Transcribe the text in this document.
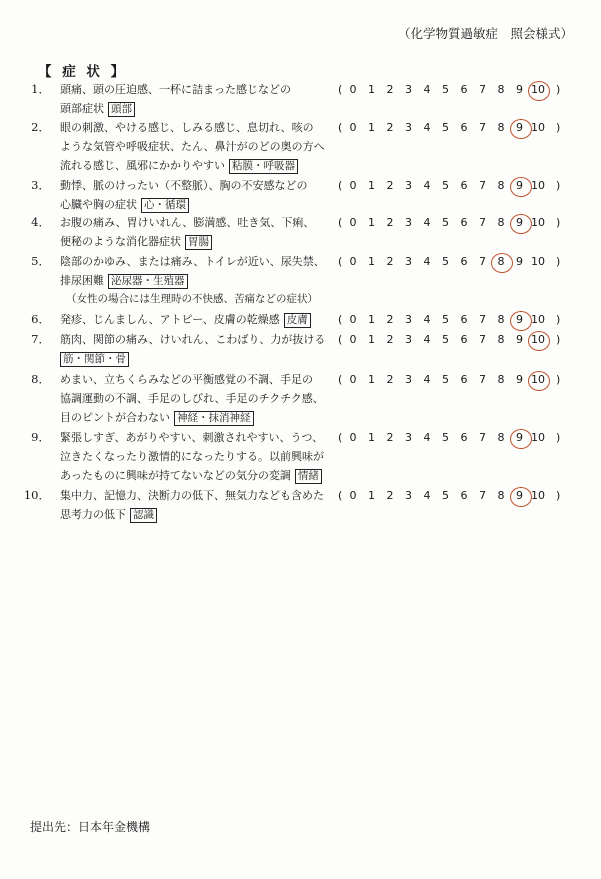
（化学物質過敏症　照会様式）
【 症 状 】
1． 頭痛、頭の圧迫感、一杯に詰まった感じなどの
頭部症状 頭部
( 0	1	2	3	4	5	6	7	8	9 10 )
2． 眼の刺激、やける感じ、しみる感じ、息切れ、咳の
ような気管や呼吸症状、たん、鼻汁がのどの奥の方へ
流れる感じ、風邪にかかりやすい 粘膜・呼吸器
( 0	1	2	3	4	5	6	7	8	9 10 )
3． 動悸、脈のけったい（不整脈）、胸の不安感などの
心臓や胸の症状 心・循環
( 0	1	2	3	4	5	6	7	8	9 10 )
4． お腹の痛み、胃けいれん、膨満感、吐き気、下痢、
便秘のような消化器症状 胃腸
( 0	1	2	3	4	5	6	7	8	9 10 )
5． 陰部のかゆみ、または痛み、トイレが近い、尿失禁、
排尿困難 泌尿器・生殖器
（女性の場合には生理時の不快感、苦痛などの症状）
( 0	1	2	3	4	5	6	7	8	9 10 )
6． 発疹、じんましん、アトピー、皮膚の乾燥感 皮膚	( 0	1	2	3	4	5	6	7	8	9 10 )
7． 筋肉、関節の痛み、けいれん、こわばり、力が抜ける
筋・関節・骨
( 0	1	2	3	4	5	6	7	8	9 10 )
8． めまい、立ちくらみなどの平衡感覚の不調、手足の
協調運動の不調、手足のしびれ、手足のチクチク感、
目のピントが合わない 神経・抹消神経
( 0	1	2	3	4	5	6	7	8	9 10 )
9． 緊張しすぎ、あがりやすい、刺激されやすい、うつ、
泣きたくなったり激情的になったりする。以前興味が
あったものに興味が持てないなどの気分の変調 情緒
( 0	1	2	3	4	5	6	7	8	9 10 )
10． 集中力、記憶力、決断力の低下、無気力なども含めた
思考力の低下 認識
( 0	1	2	3	4	5	6	7	8	9 10 )
提出先：日本年金機構
